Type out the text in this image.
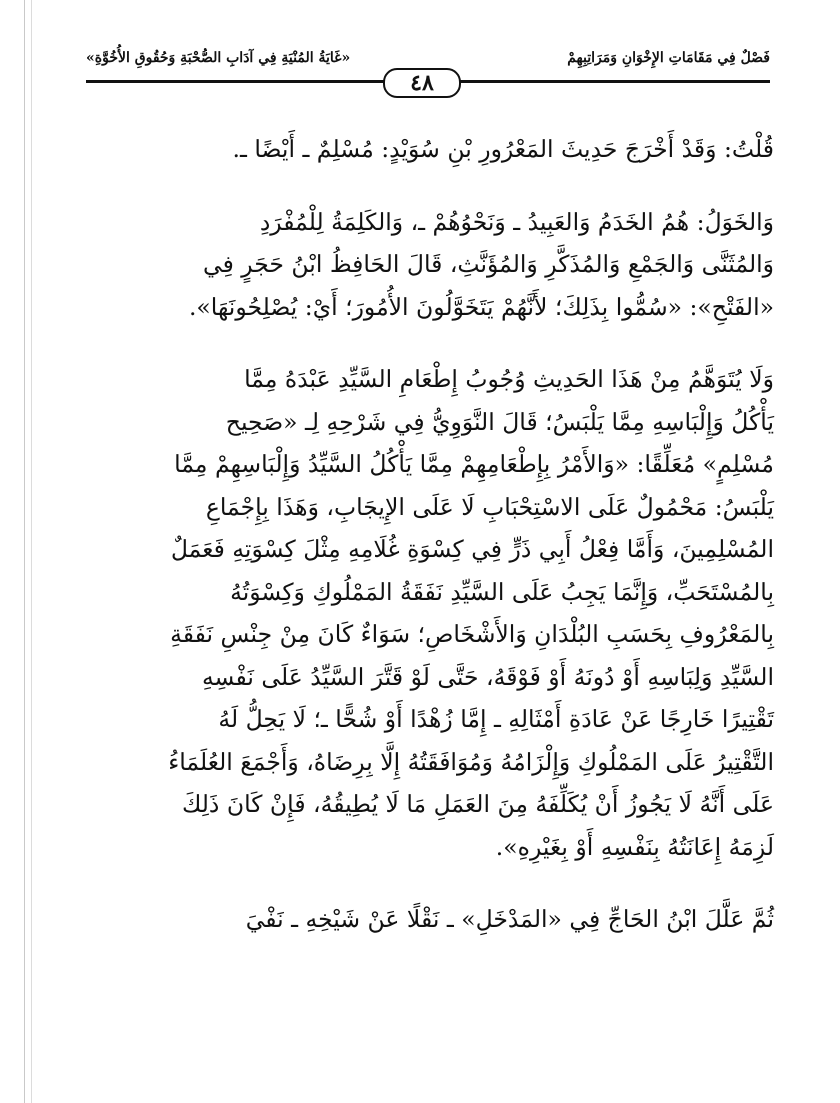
فَصْلٌ فِي مَقَامَاتِ الإِخْوَانِ وَمَرَاتِبِهِمْ
«غَايَةُ المُنْيَةِ فِي آدَابِ الصُّحْبَةِ وَحُقُوقِ الأُخُوَّةِ»
٤٨

قُلْتُ: وَقَدْ أَخْرَجَ حَدِيثَ المَعْرُورِ بْنِ سُوَيْدٍ: مُسْلِمٌ ـ أَيْضًا ـ.

وَالخَوَلُ: هُمُ الخَدَمُ وَالعَبِيدُ ـ وَنَحْوُهُمْ ـ، وَالكَلِمَةُ لِلْمُفْرَدِ
وَالمُثَنَّى وَالجَمْعِ وَالمُذَكَّرِ وَالمُؤَنَّثِ، قَالَ الحَافِظُ ابْنُ حَجَرٍ فِي
«الفَتْحِ»: «سُمُّوا بِذَلِكَ؛ لأَنَّهُمْ يَتَخَوَّلُونَ الأُمُورَ؛ أَيْ: يُصْلِحُونَهَا».

وَلَا يُتَوَهَّمُ مِنْ هَذَا الحَدِيثِ وُجُوبُ إِطْعَامِ السَّيِّدِ عَبْدَهُ مِمَّا
يَأْكُلُ وَإِلْبَاسِهِ مِمَّا يَلْبَسُ؛ قَالَ النَّوَوِيُّ فِي شَرْحِهِ لِـ «صَحِيح
مُسْلِمٍ» مُعَلِّقًا: «وَالأَمْرُ بِإِطْعَامِهِمْ مِمَّا يَأْكُلُ السَّيِّدُ وَإِلْبَاسِهِمْ مِمَّا
يَلْبَسُ: مَحْمُولٌ عَلَى الاسْتِحْبَابِ لَا عَلَى الإِيجَابِ، وَهَذَا بِإِجْمَاعِ
المُسْلِمِينَ، وَأَمَّا فِعْلُ أَبِي ذَرٍّ فِي كِسْوَةِ غُلَامِهِ مِثْلَ كِسْوَتِهِ فَعَمَلٌ
بِالمُسْتَحَبِّ، وَإِنَّمَا يَجِبُ عَلَى السَّيِّدِ نَفَقَةُ المَمْلُوكِ وَكِسْوَتُهُ
بِالمَعْرُوفِ بِحَسَبِ البُلْدَانِ وَالأَشْخَاصِ؛ سَوَاءٌ كَانَ مِنْ جِنْسِ نَفَقَةِ
السَّيِّدِ وَلِبَاسِهِ أَوْ دُونَهُ أَوْ فَوْقَهُ، حَتَّى لَوْ قَتَّرَ السَّيِّدُ عَلَى نَفْسِهِ
تَقْتِيرًا خَارِجًا عَنْ عَادَةِ أَمْثَالِهِ ـ إِمَّا زُهْدًا أَوْ شُحًّا ـ؛ لَا يَحِلُّ لَهُ
التَّقْتِيرُ عَلَى المَمْلُوكِ وَإِلْزَامُهُ وَمُوَافَقَتُهُ إِلَّا بِرِضَاهُ، وَأَجْمَعَ العُلَمَاءُ
عَلَى أَنَّهُ لَا يَجُوزُ أَنْ يُكَلِّفَهُ مِنَ العَمَلِ مَا لَا يُطِيقُهُ، فَإِنْ كَانَ ذَلِكَ
لَزِمَهُ إِعَانَتُهُ بِنَفْسِهِ أَوْ بِغَيْرِهِ».

ثُمَّ عَلَّلَ ابْنُ الحَاجِّ فِي «المَدْخَلِ» ـ نَقْلًا عَنْ شَيْخِهِ ـ نَفْيَ
